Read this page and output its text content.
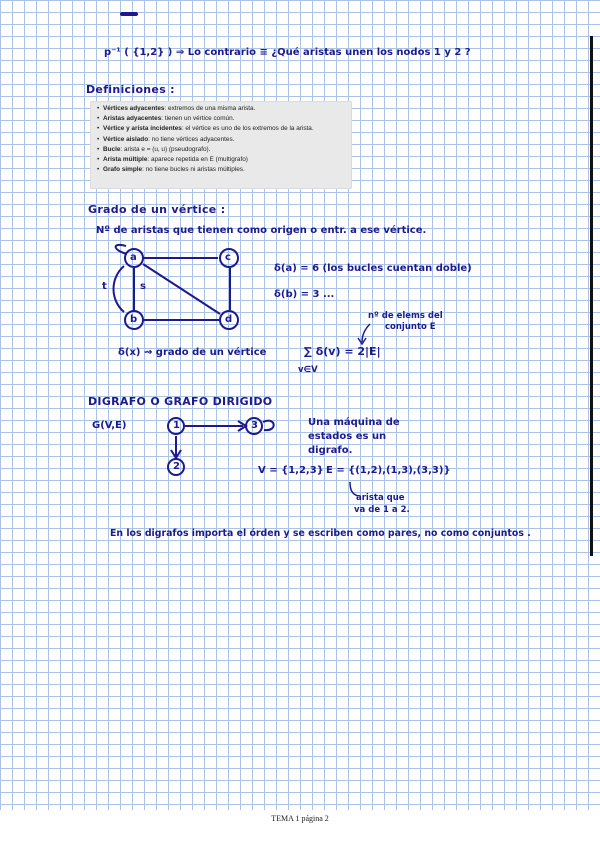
p⁻¹ ( {1,2} ) ⇒ Lo contrario ≡ ¿Qué aristas unen los nodos 1 y 2 ?
Definiciones :
• Vértices adyacentes: extremos de una misma arista.
• Aristas adyacentes: tienen un vértice común.
• Vértice y arista incidentes: el vértice es uno de los extremos de la arista.
• Vértice aislado: no tiene vértices adyacentes.
• Bucle: arista e = (u, u) (pseudografo).
• Arista múltiple: aparece repetida en E (multigrafo)
• Grafo simple: no tiene bucles ni aristas múltiples.
Grado de un vértice :
Nº de aristas que tienen como origen o entr. a ese vértice.
a	c
b	d
t	s
δ(a) = 6 (los bucles cuentan doble)
δ(b) = 3 ...
nº de elems del
conjunto E
δ(x) ⇝ grado de un vértice	∑ δ(v) = 2|E|
v∈V
DIGRAFO O GRAFO DIRIGIDO
G(V,E)	1	3
2
Una máquina de
estados es un
digrafo.
V = {1,2,3} E = {(1,2),(1,3),(3,3)}
arista que
va de 1 a 2.
En los digrafos importa el órden y se escriben como pares, no como conjuntos .
TEMA 1 página 2
